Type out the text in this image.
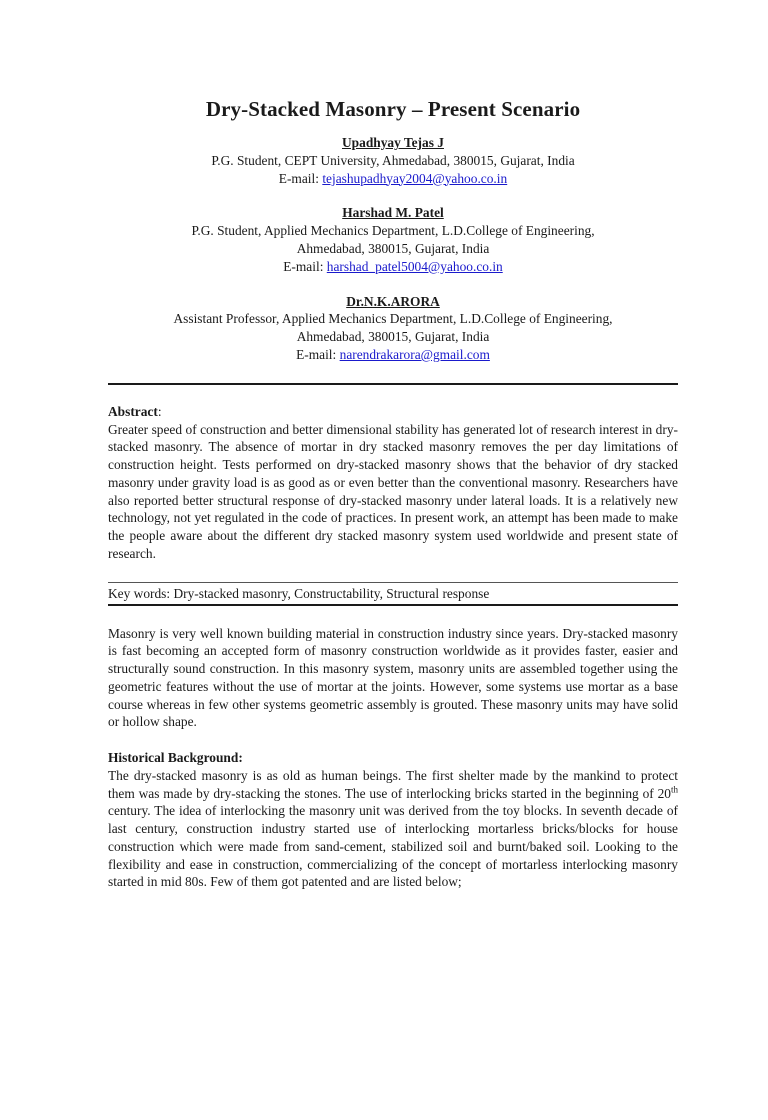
Dry-Stacked Masonry – Present Scenario
Upadhyay Tejas J
P.G. Student, CEPT University, Ahmedabad, 380015, Gujarat, India
E-mail: tejashupadhyay2004@yahoo.co.in
Harshad M. Patel
P.G. Student, Applied Mechanics Department, L.D.College of Engineering,
Ahmedabad, 380015, Gujarat, India
E-mail: harshad_patel5004@yahoo.co.in
Dr.N.K.ARORA
Assistant Professor, Applied Mechanics Department, L.D.College of Engineering,
Ahmedabad, 380015, Gujarat, India
E-mail: narendrakarora@gmail.com
Abstract:
Greater speed of construction and better dimensional stability has generated lot of research interest in dry-stacked masonry. The absence of mortar in dry stacked masonry removes the per day limitations of construction height. Tests performed on dry-stacked masonry shows that the behavior of dry stacked masonry under gravity load is as good as or even better than the conventional masonry. Researchers have also reported better structural response of dry-stacked masonry under lateral loads. It is a relatively new technology, not yet regulated in the code of practices. In present work, an attempt has been made to make the people aware about the different dry stacked masonry system used worldwide and present state of research.
Key words: Dry-stacked masonry, Constructability, Structural response
Masonry is very well known building material in construction industry since years. Dry-stacked masonry is fast becoming an accepted form of masonry construction worldwide as it provides faster, easier and structurally sound construction. In this masonry system, masonry units are assembled together using the geometric features without the use of mortar at the joints. However, some systems use mortar as a base course whereas in few other systems geometric assembly is grouted. These masonry units may have solid or hollow shape.
Historical Background:
The dry-stacked masonry is as old as human beings. The first shelter made by the mankind to protect them was made by dry-stacking the stones. The use of interlocking bricks started in the beginning of 20th century. The idea of interlocking the masonry unit was derived from the toy blocks. In seventh decade of last century, construction industry started use of interlocking mortarless bricks/blocks for house construction which were made from sand-cement, stabilized soil and burnt/baked soil. Looking to the flexibility and ease in construction, commercializing of the concept of mortarless interlocking masonry started in mid 80s. Few of them got patented and are listed below;
